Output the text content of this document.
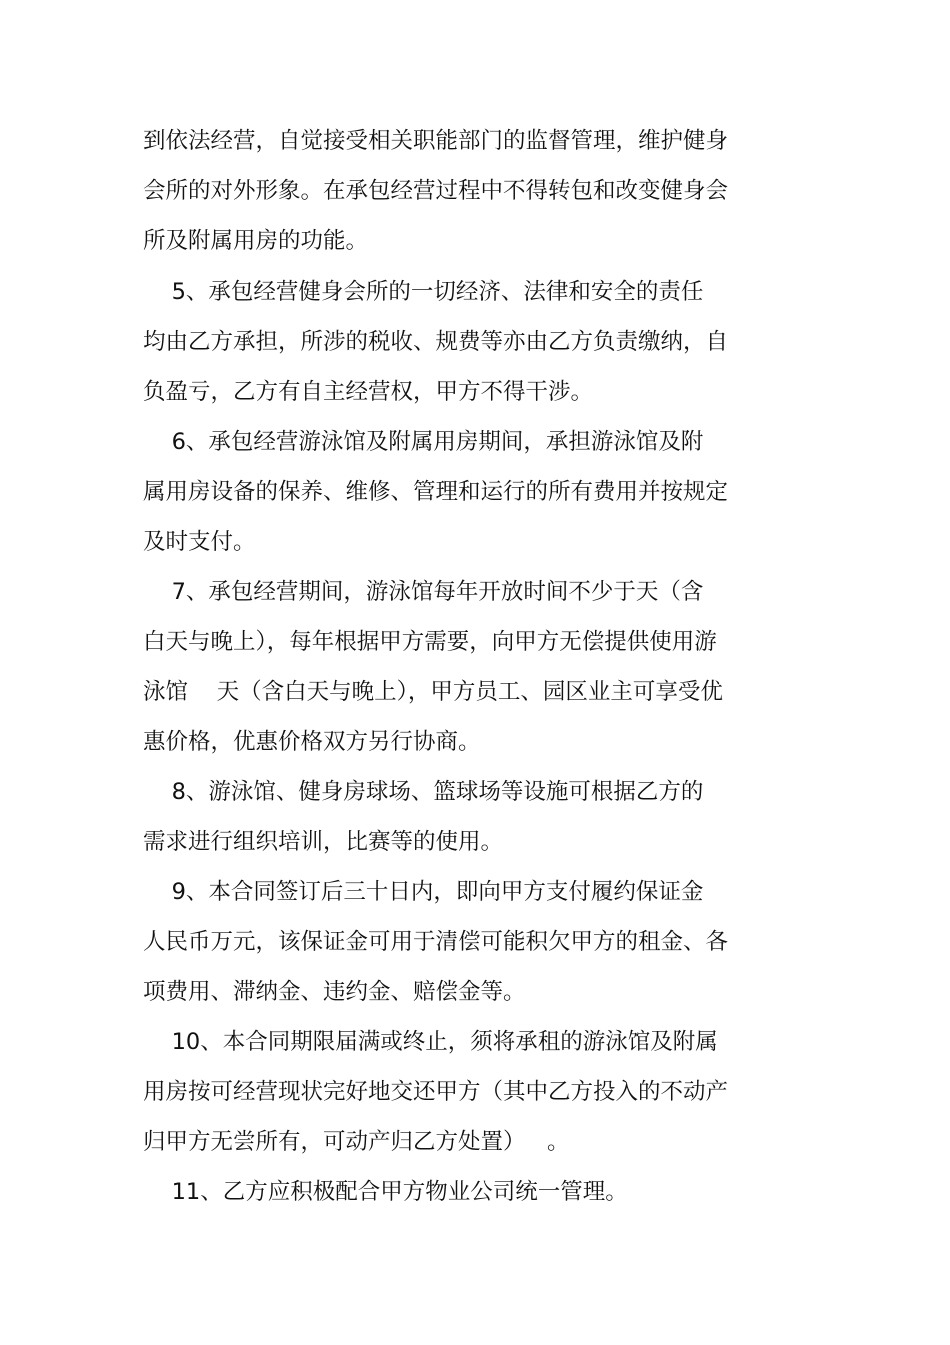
到依法经营，自觉接受相关职能部门的监督管理，维护健身
会所的对外形象。在承包经营过程中不得转包和改变健身会
所及附属用房的功能。
5、承包经营健身会所的一切经济、法律和安全的责任
均由乙方承担，所涉的税收、规费等亦由乙方负责缴纳，自
负盈亏，乙方有自主经营权，甲方不得干涉。
6、承包经营游泳馆及附属用房期间，承担游泳馆及附
属用房设备的保养、维修、管理和运行的所有费用并按规定
及时支付。
7、承包经营期间，游泳馆每年开放时间不少于天（含
白天与晚上），每年根据甲方需要，向甲方无偿提供使用游
泳馆    天（含白天与晚上），甲方员工、园区业主可享受优
惠价格，优惠价格双方另行协商。
8、游泳馆、健身房球场、篮球场等设施可根据乙方的
需求进行组织培训，比赛等的使用。
9、本合同签订后三十日内，即向甲方支付履约保证金
人民币万元，该保证金可用于清偿可能积欠甲方的租金、各
项费用、滞纳金、违约金、赔偿金等。
10、本合同期限届满或终止，须将承租的游泳馆及附属
用房按可经营现状完好地交还甲方（其中乙方投入的不动产
归甲方无尝所有，可动产归乙方处置）   。
11、乙方应积极配合甲方物业公司统一管理。
